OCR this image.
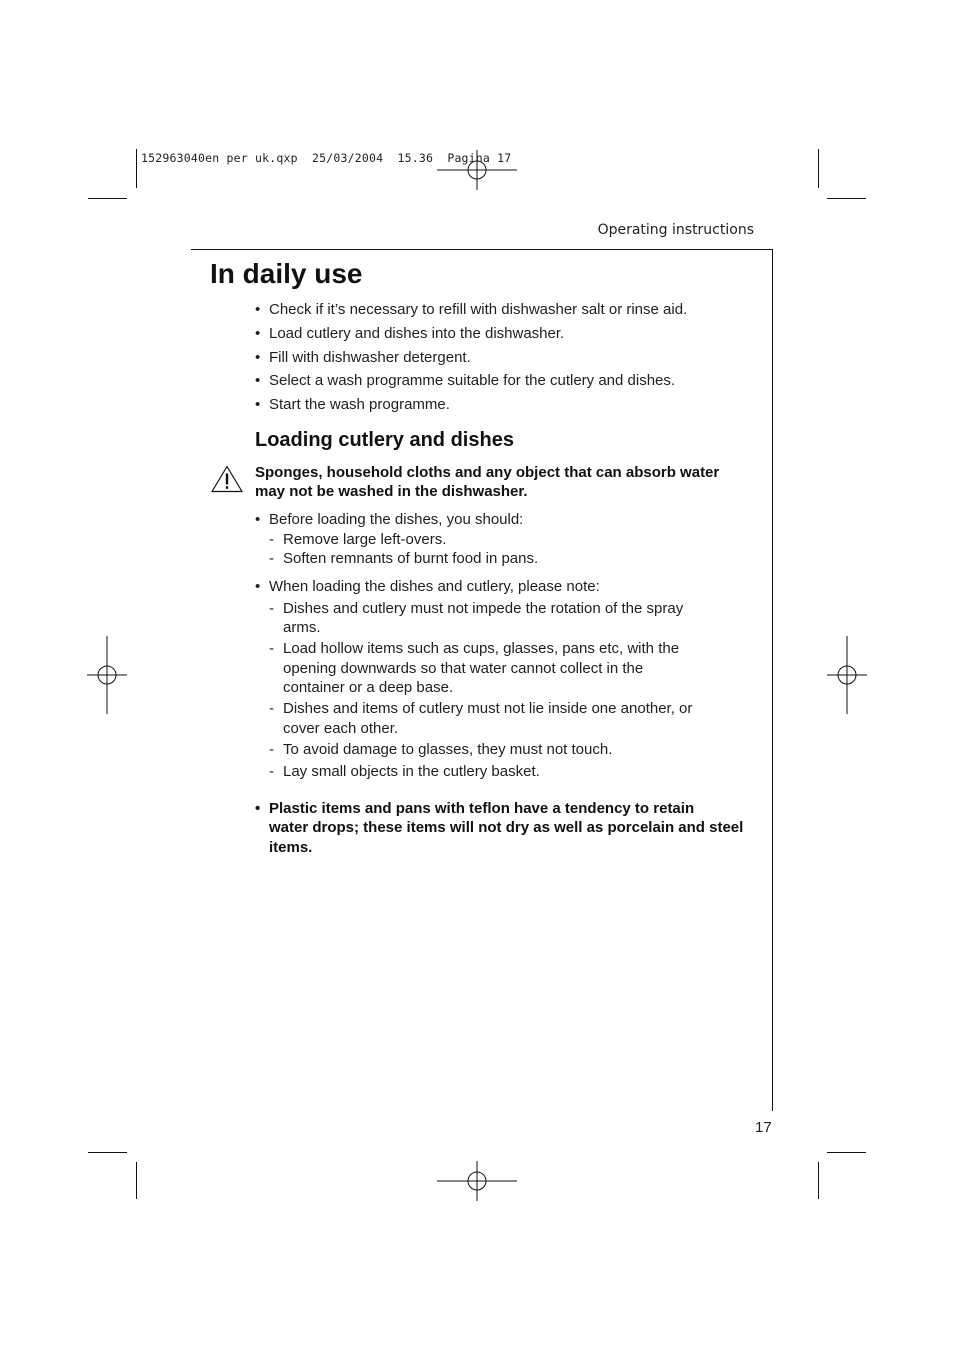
152963040en per uk.qxp  25/03/2004  15.36  Pagina 17
Operating instructions
In daily use
• Check if it’s necessary to refill with dishwasher salt or rinse aid.
• Load cutlery and dishes into the dishwasher.
• Fill with dishwasher detergent.
• Select a wash programme suitable for the cutlery and dishes.
• Start the wash programme.
Loading cutlery and dishes
Sponges, household cloths and any object that can absorb water
may not be washed in the dishwasher.
• Before loading the dishes, you should:
- Remove large left-overs.
- Soften remnants of burnt food in pans.
• When loading the dishes and cutlery, please note:
- Dishes and cutlery must not impede the rotation of the spray
arms.
- Load hollow items such as cups, glasses, pans etc, with the
opening downwards so that water cannot collect in the
container or a deep base.
- Dishes and items of cutlery must not lie inside one another, or
cover each other.
- To avoid damage to glasses, they must not touch.
- Lay small objects in the cutlery basket.
• Plastic items and pans with teflon have a tendency to retain
water drops; these items will not dry as well as porcelain and steel
items.
17
